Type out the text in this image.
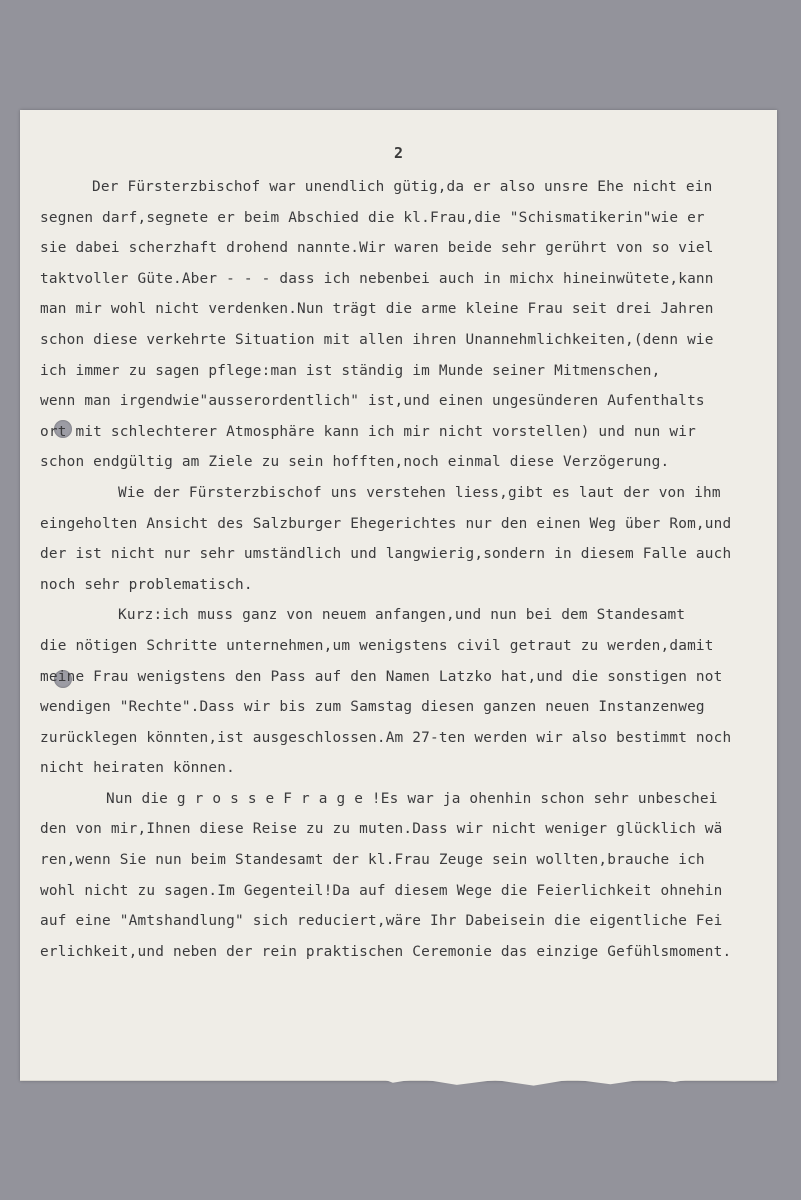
2
Der Fürsterzbischof war unendlich gütig,da er also unsre Ehe nicht ein
segnen darf,segnete er beim Abschied die kl.Frau,die "Schismatikerin"wie er
sie dabei scherzhaft drohend nannte.Wir waren beide sehr gerührt von so viel
taktvoller Güte.Aber - - - dass ich nebenbei auch in michx hineinwütete,kann
man mir wohl nicht verdenken.Nun trägt die arme kleine Frau seit drei Jahren
schon diese verkehrte Situation mit allen ihren Unannehmlichkeiten,(denn wie
ich immer zu sagen pflege:man ist ständig im Munde seiner Mitmenschen,
wenn man irgendwie"ausserordentlich" ist,und einen ungesünderen Aufenthalts
ort mit schlechterer Atmosphäre kann ich mir nicht vorstellen) und nun wir
schon endgültig am Ziele zu sein hofften,noch einmal diese Verzögerung.
Wie der Fürsterzbischof uns verstehen liess,gibt es laut der von ihm
eingeholten Ansicht des Salzburger Ehegerichtes nur den einen Weg über Rom,und
der ist nicht nur sehr umständlich und langwierig,sondern in diesem Falle auch
noch sehr problematisch.
Kurz:ich muss ganz von neuem anfangen,und nun bei dem Standesamt
die nötigen Schritte unternehmen,um wenigstens civil getraut zu werden,damit
meine Frau wenigstens den Pass auf den Namen Latzko hat,und die sonstigen not
wendigen "Rechte".Dass wir bis zum Samstag diesen ganzen neuen Instanzenweg
zurücklegen könnten,ist ausgeschlossen.Am 27-ten werden wir also bestimmt noch
nicht heiraten können.
Nun die g r o s s e F r a g e !Es war ja ohenhin schon sehr unbeschei
den von mir,Ihnen diese Reise zu zu muten.Dass wir nicht weniger glücklich wä
ren,wenn Sie nun beim Standesamt der kl.Frau Zeuge sein wollten,brauche ich
wohl nicht zu sagen.Im Gegenteil!Da auf diesem Wege die Feierlichkeit ohnehin
auf eine "Amtshandlung" sich reduciert,wäre Ihr Dabeisein die eigentliche Fei
erlichkeit,und neben der rein praktischen Ceremonie das einzige Gefühlsmoment.
